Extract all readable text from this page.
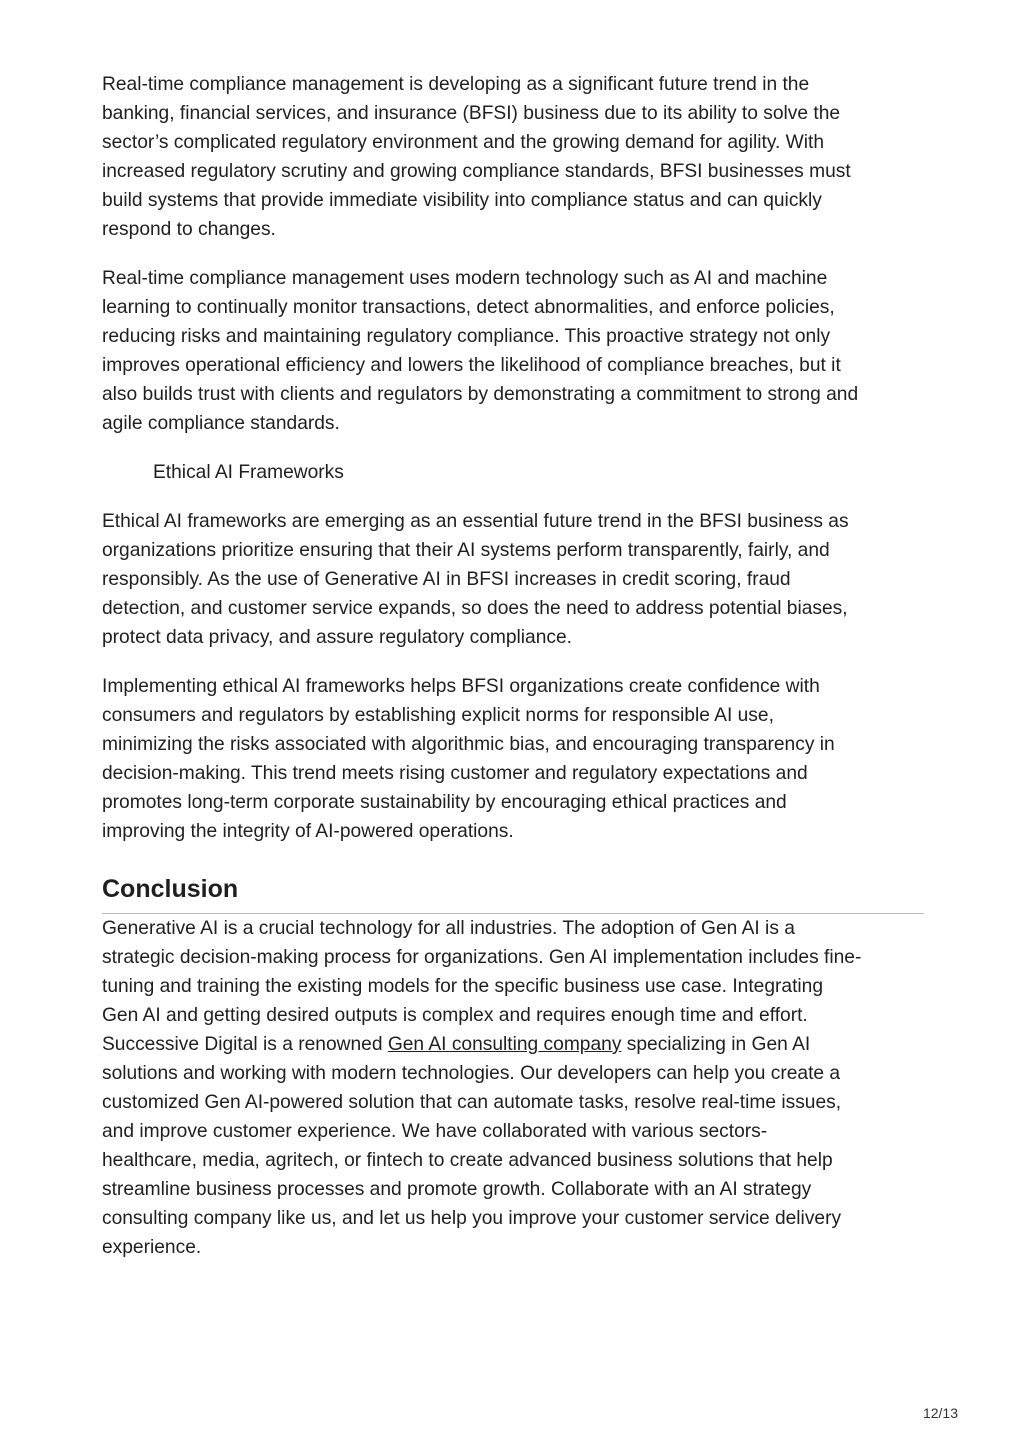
Real-time compliance management is developing as a significant future trend in the
banking, financial services, and insurance (BFSI) business due to its ability to solve the
sector’s complicated regulatory environment and the growing demand for agility. With
increased regulatory scrutiny and growing compliance standards, BFSI businesses must
build systems that provide immediate visibility into compliance status and can quickly
respond to changes.

Real-time compliance management uses modern technology such as AI and machine
learning to continually monitor transactions, detect abnormalities, and enforce policies,
reducing risks and maintaining regulatory compliance. This proactive strategy not only
improves operational efficiency and lowers the likelihood of compliance breaches, but it
also builds trust with clients and regulators by demonstrating a commitment to strong and
agile compliance standards.

Ethical AI Frameworks

Ethical AI frameworks are emerging as an essential future trend in the BFSI business as
organizations prioritize ensuring that their AI systems perform transparently, fairly, and
responsibly. As the use of Generative AI in BFSI increases in credit scoring, fraud
detection, and customer service expands, so does the need to address potential biases,
protect data privacy, and assure regulatory compliance.

Implementing ethical AI frameworks helps BFSI organizations create confidence with
consumers and regulators by establishing explicit norms for responsible AI use,
minimizing the risks associated with algorithmic bias, and encouraging transparency in
decision-making. This trend meets rising customer and regulatory expectations and
promotes long-term corporate sustainability by encouraging ethical practices and
improving the integrity of AI-powered operations.

Conclusion

Generative AI is a crucial technology for all industries. The adoption of Gen AI is a
strategic decision-making process for organizations. Gen AI implementation includes fine-
tuning and training the existing models for the specific business use case. Integrating
Gen AI and getting desired outputs is complex and requires enough time and effort.
Successive Digital is a renowned Gen AI consulting company specializing in Gen AI
solutions and working with modern technologies. Our developers can help you create a
customized Gen AI-powered solution that can automate tasks, resolve real-time issues,
and improve customer experience. We have collaborated with various sectors-
healthcare, media, agritech, or fintech to create advanced business solutions that help
streamline business processes and promote growth. Collaborate with an AI strategy
consulting company like us, and let us help you improve your customer service delivery
experience.

12/13
